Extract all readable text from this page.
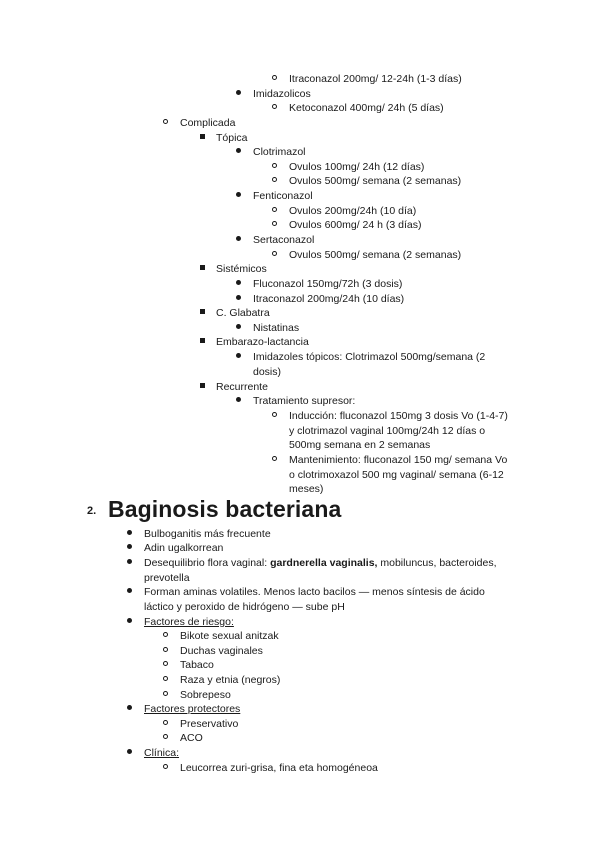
Itraconazol 200mg/ 12-24h (1-3 días)
Imidazolicos
Ketoconazol 400mg/ 24h (5 días)
Complicada
Tópica
Clotrimazol
Ovulos 100mg/ 24h (12 días)
Ovulos 500mg/ semana (2 semanas)
Fenticonazol
Ovulos 200mg/24h (10 día)
Ovulos 600mg/ 24 h (3 días)
Sertaconazol
Ovulos 500mg/ semana (2 semanas)
Sistémicos
Fluconazol 150mg/72h (3 dosis)
Itraconazol 200mg/24h (10 días)
C. Glabatra
Nistatinas
Embarazo-lactancia
Imidazoles tópicos: Clotrimazol 500mg/semana (2
dosis)
Recurrente
Tratamiento supresor:
Inducción: fluconazol 150mg 3 dosis Vo (1-4-7)
y clotrimazol vaginal 100mg/24h 12 días o
500mg semana en 2 semanas
Mantenimiento: fluconazol 150 mg/ semana Vo
o clotrimoxazol 500 mg vaginal/ semana (6-12
meses)
2. Baginosis bacteriana
Bulboganitis más frecuente
Adin ugalkorrean
Desequilibrio flora vaginal: gardnerella vaginalis, mobiluncus, bacteroides,
prevotella
Forman aminas volatiles. Menos lacto bacilos — menos síntesis de ácido
láctico y peroxido de hidrógeno — sube pH
Factores de riesgo:
Bikote sexual anitzak
Duchas vaginales
Tabaco
Raza y etnia (negros)
Sobrepeso
Factores protectores
Preservativo
ACO
Clínica:
Leucorrea zuri-grisa, fina eta homogéneoa
